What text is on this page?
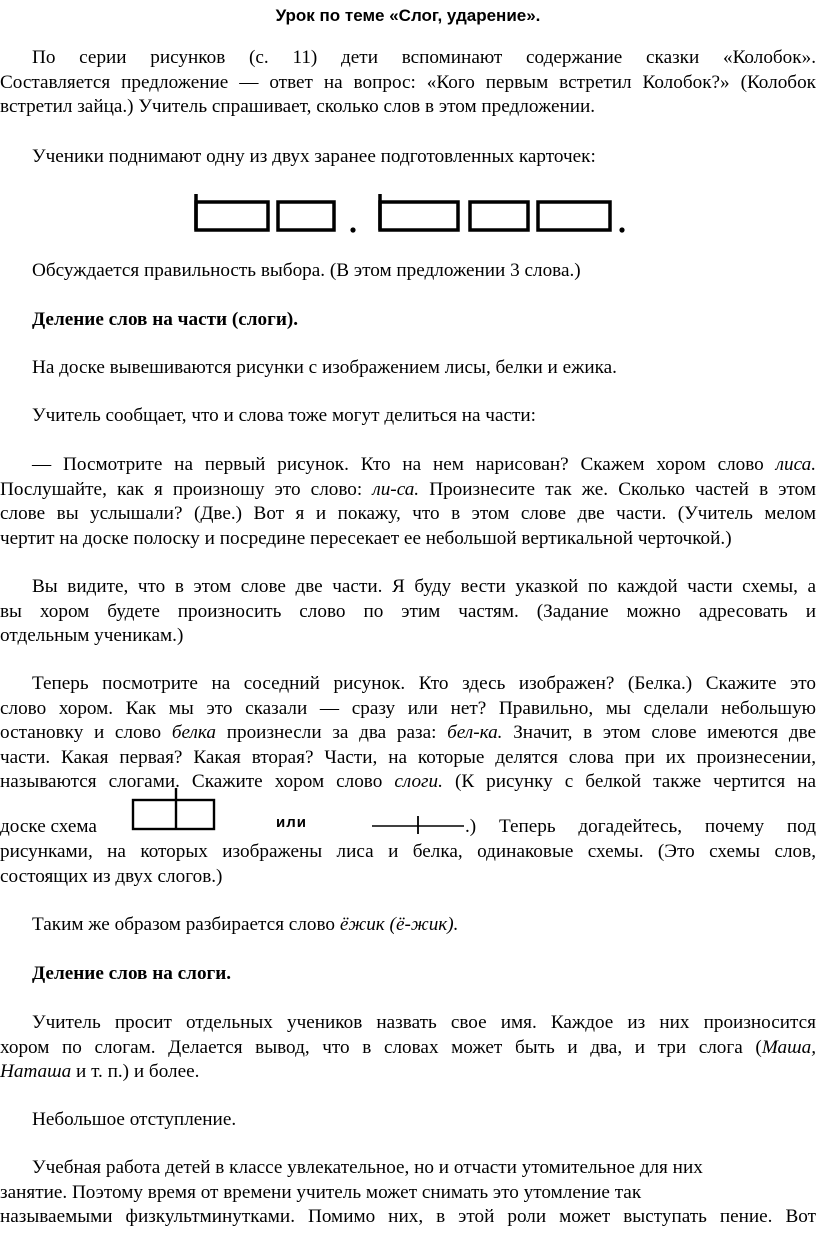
Урок по теме «Слог, ударение».
По серии рисунков (с. 11) дети вспоминают содержание сказки «Колобок».
Составляется предложение — ответ на вопрос: «Кого первым встретил Колобок?» (Колобок
встретил зайца.) Учитель спрашивает, сколько слов в этом предложении.
Ученики поднимают одну из двух заранее подготовленных карточек:
Обсуждается правильность выбора. (В этом предложении 3 слова.)
Деление слов на части (слоги).
На доске вывешиваются рисунки с изображением лисы, белки и ежика.
Учитель сообщает, что и слова тоже могут делиться на части:
— Посмотрите на первый рисунок. Кто на нем нарисован? Скажем хором слово лиса.
Послушайте, как я произношу это слово: ли-са. Произнесите так же. Сколько частей в этом
слове вы услышали? (Две.) Вот я и покажу, что в этом слове две части. (Учитель мелом
чертит на доске полоску и посредине пересекает ее небольшой вертикальной черточкой.)
Вы видите, что в этом слове две части. Я буду вести указкой по каждой части схемы, а
вы хором будете произносить слово по этим частям. (Задание можно адресовать и
отдельным ученикам.)
Теперь посмотрите на соседний рисунок. Кто здесь изображен? (Белка.) Скажите это
слово хором. Как мы это сказали — сразу или нет? Правильно, мы сделали небольшую
остановку и слово белка произнесли за два раза: бел-ка. Значит, в этом слове имеются две
части. Какая первая? Какая вторая? Части, на которые делятся слова при их произнесении,
называются слогами. Скажите хором слово слоги. (К рисунку с белкой также чертится на
доске схема	.) Теперь догадейтесь, почему под
или
рисунками, на которых изображены лиса и белка, одинаковые схемы. (Это схемы слов,
состоящих из двух слогов.)
Таким же образом разбирается слово ёжик (ё-жик).
Деление слов на слоги.
Учитель просит отдельных учеников назвать свое имя. Каждое из них произносится
хором по слогам. Делается вывод, что в словах может быть и два, и три слога (Маша,
Наташа и т. п.) и более.
Небольшое отступление.
Учебная работа детей в классе увлекательное, но и отчасти утомительное для них
занятие. Поэтому время от времени учитель может снимать это утомление так
называемыми физкультминутками. Помимо них, в этой роли может выступать пение. Вот
